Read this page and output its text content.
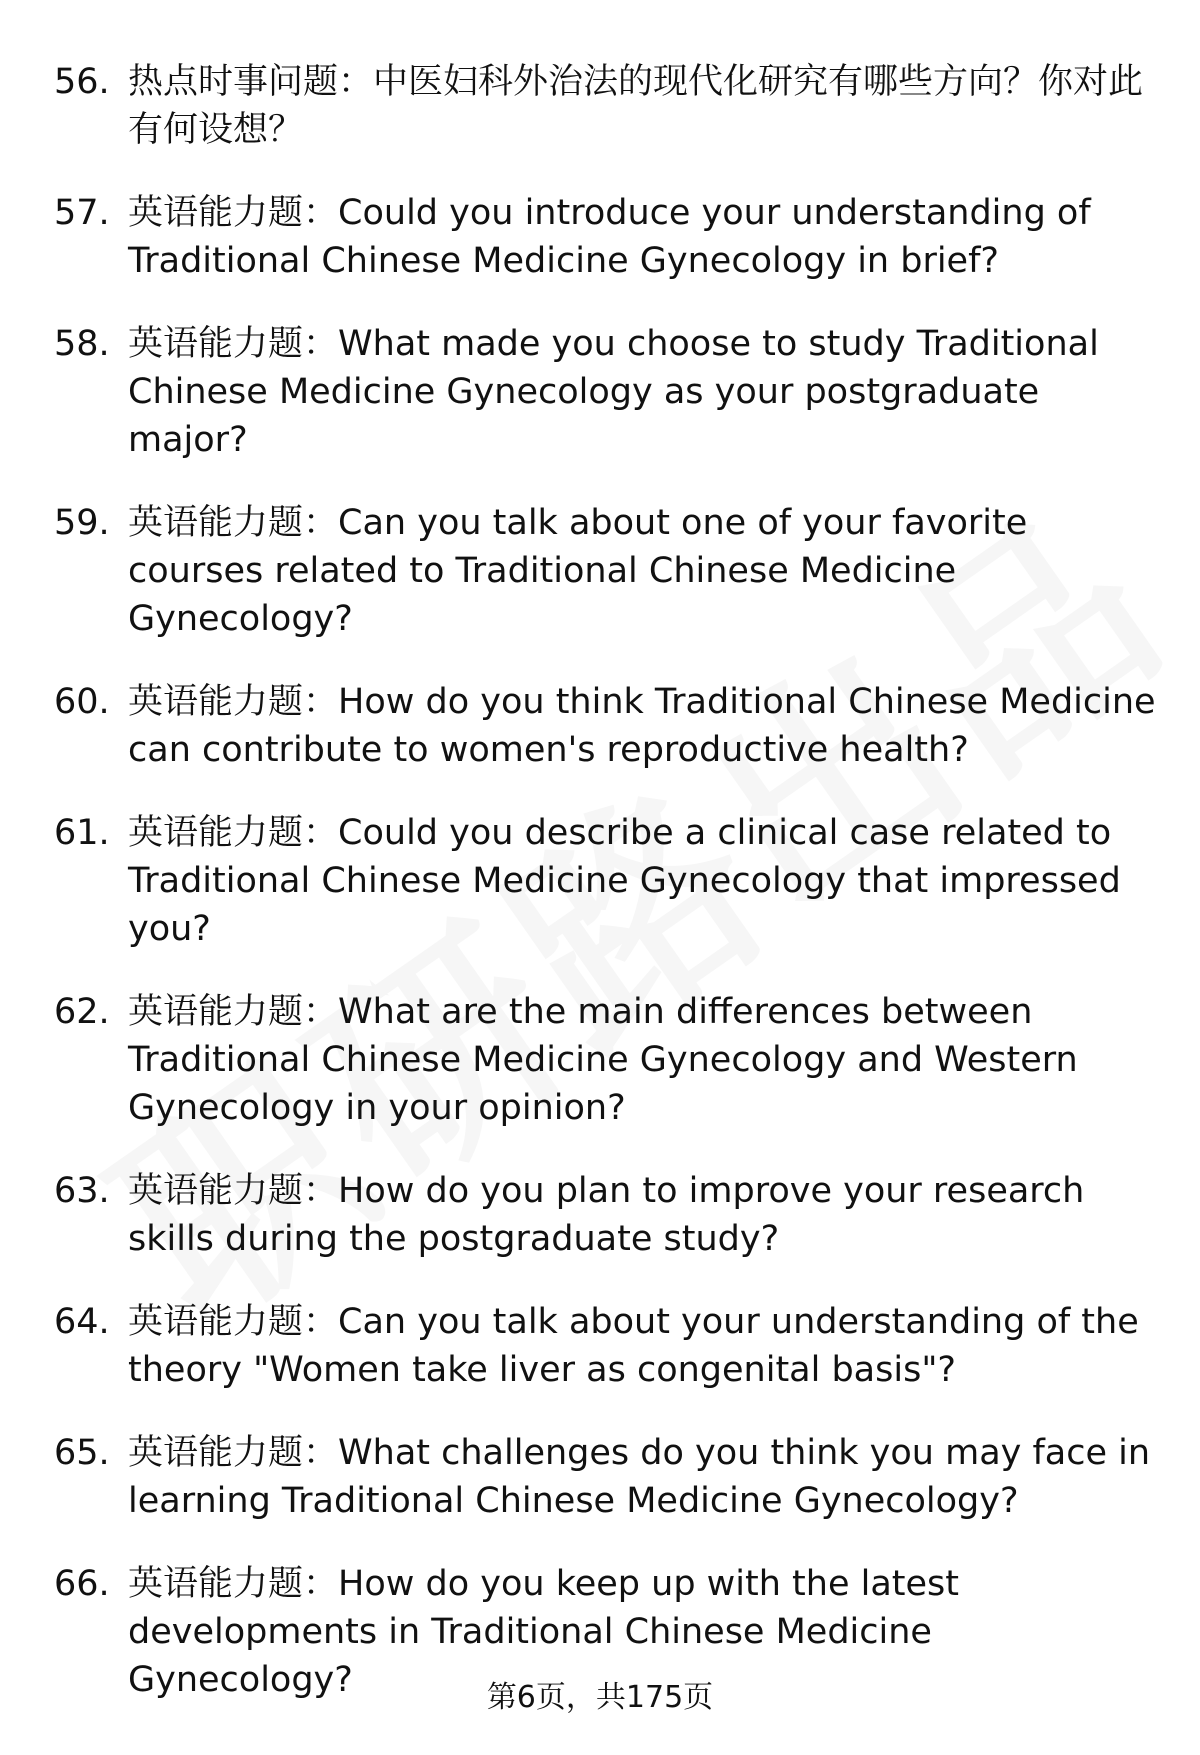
56. 热点时事问题：中医妇科外治法的现代化研究有哪些方向？你对此有何设想？
57. 英语能力题：Could you introduce your understanding of Traditional Chinese Medicine Gynecology in brief?
58. 英语能力题：What made you choose to study Traditional Chinese Medicine Gynecology as your postgraduate major?
59. 英语能力题：Can you talk about one of your favorite courses related to Traditional Chinese Medicine Gynecology?
60. 英语能力题：How do you think Traditional Chinese Medicine can contribute to women's reproductive health?
61. 英语能力题：Could you describe a clinical case related to Traditional Chinese Medicine Gynecology that impressed you?
62. 英语能力题：What are the main differences between Traditional Chinese Medicine Gynecology and Western Gynecology in your opinion?
63. 英语能力题：How do you plan to improve your research skills during the postgraduate study?
64. 英语能力题：Can you talk about your understanding of the theory "Women take liver as congenital basis"?
65. 英语能力题：What challenges do you think you may face in learning Traditional Chinese Medicine Gynecology?
66. 英语能力题：How do you keep up with the latest developments in Traditional Chinese Medicine Gynecology?	第6页，共175页
